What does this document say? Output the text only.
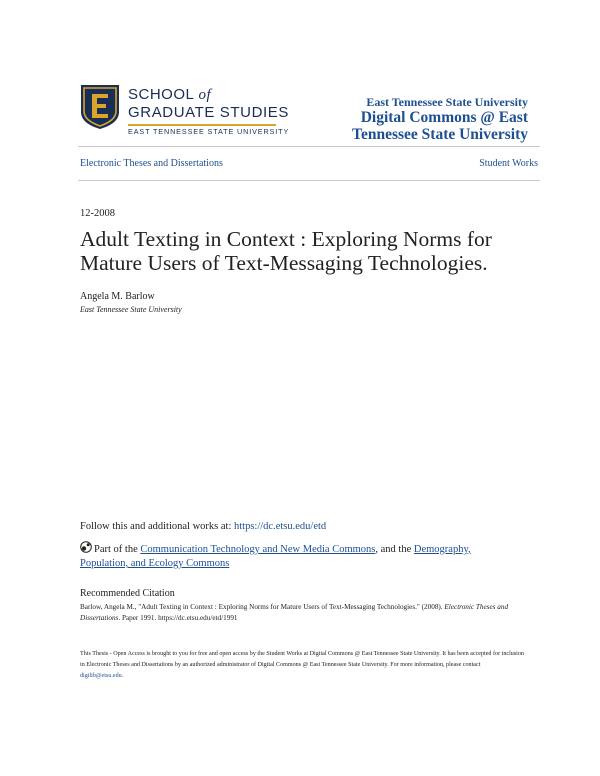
SCHOOL of
GRADUATE STUDIES
EAST TENNESSEE STATE UNIVERSITY
East Tennessee State University
Digital Commons @ East
Tennessee State University
Electronic Theses and Dissertations	Student Works
12-2008
Adult Texting in Context : Exploring Norms for Mature Users of Text-Messaging Technologies.
Angela M. Barlow
East Tennessee State University
Follow this and additional works at: https://dc.etsu.edu/etd
Part of the Communication Technology and New Media Commons, and the Demography, Population, and Ecology Commons
Recommended Citation
Barlow, Angela M., "Adult Texting in Context : Exploring Norms for Mature Users of Text-Messaging Technologies." (2008). Electronic Theses and Dissertations. Paper 1991. https://dc.etsu.edu/etd/1991
This Thesis - Open Access is brought to you for free and open access by the Student Works at Digital Commons @ East Tennessee State University. It has been accepted for inclusion in Electronic Theses and Dissertations by an authorized administrator of Digital Commons @ East Tennessee State University. For more information, please contact digilib@etsu.edu.
